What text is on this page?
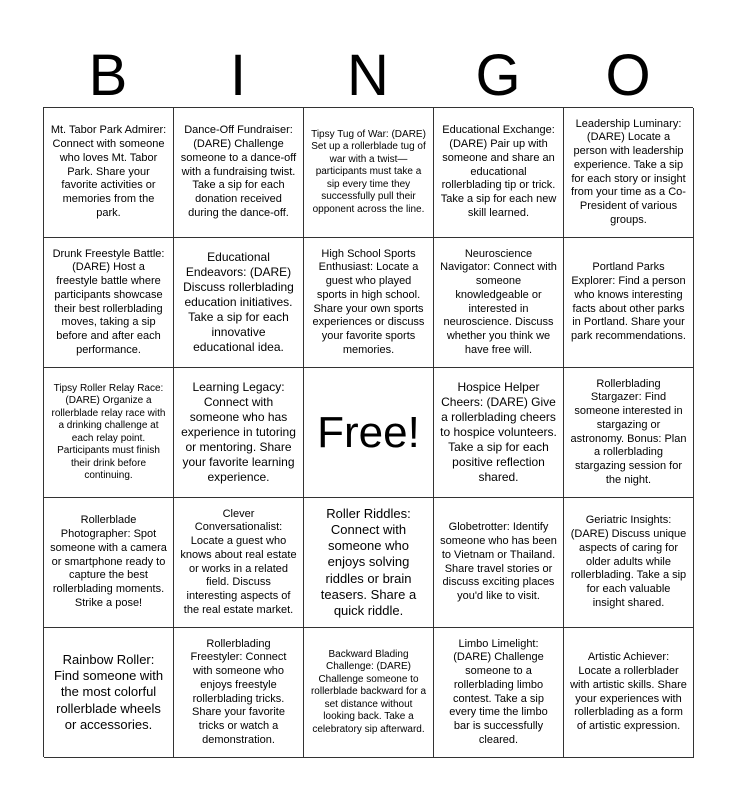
B	I	N	G	O
Mt. Tabor Park Admirer: Connect with someone who loves Mt. Tabor Park. Share your favorite activities or memories from the park.
Dance-Off Fundraiser: (DARE) Challenge someone to a dance-off with a fundraising twist. Take a sip for each donation received during the dance-off.
Tipsy Tug of War: (DARE) Set up a rollerblade tug of war with a twist—participants must take a sip every time they successfully pull their opponent across the line.
Educational Exchange: (DARE) Pair up with someone and share an educational rollerblading tip or trick. Take a sip for each new skill learned.
Leadership Luminary: (DARE) Locate a person with leadership experience. Take a sip for each story or insight from your time as a Co-President of various groups.
Drunk Freestyle Battle: (DARE) Host a freestyle battle where participants showcase their best rollerblading moves, taking a sip before and after each performance.
Educational Endeavors: (DARE) Discuss rollerblading education initiatives. Take a sip for each innovative educational idea.
High School Sports Enthusiast: Locate a guest who played sports in high school. Share your own sports experiences or discuss your favorite sports memories.
Neuroscience Navigator: Connect with someone knowledgeable or interested in neuroscience. Discuss whether you think we have free will.
Portland Parks Explorer: Find a person who knows interesting facts about other parks in Portland. Share your park recommendations.
Tipsy Roller Relay Race: (DARE) Organize a rollerblade relay race with a drinking challenge at each relay point. Participants must finish their drink before continuing.
Learning Legacy: Connect with someone who has experience in tutoring or mentoring. Share your favorite learning experience.
Free!
Hospice Helper Cheers: (DARE) Give a rollerblading cheers to hospice volunteers. Take a sip for each positive reflection shared.
Rollerblading Stargazer: Find someone interested in stargazing or astronomy. Bonus: Plan a rollerblading stargazing session for the night.
Rollerblade Photographer: Spot someone with a camera or smartphone ready to capture the best rollerblading moments. Strike a pose!
Clever Conversationalist: Locate a guest who knows about real estate or works in a related field. Discuss interesting aspects of the real estate market.
Roller Riddles: Connect with someone who enjoys solving riddles or brain teasers. Share a quick riddle.
Globetrotter: Identify someone who has been to Vietnam or Thailand. Share travel stories or discuss exciting places you'd like to visit.
Geriatric Insights: (DARE) Discuss unique aspects of caring for older adults while rollerblading. Take a sip for each valuable insight shared.
Rainbow Roller: Find someone with the most colorful rollerblade wheels or accessories.
Rollerblading Freestyler: Connect with someone who enjoys freestyle rollerblading tricks. Share your favorite tricks or watch a demonstration.
Backward Blading Challenge: (DARE) Challenge someone to rollerblade backward for a set distance without looking back. Take a celebratory sip afterward.
Limbo Limelight: (DARE) Challenge someone to a rollerblading limbo contest. Take a sip every time the limbo bar is successfully cleared.
Artistic Achiever: Locate a rollerblader with artistic skills. Share your experiences with rollerblading as a form of artistic expression.
